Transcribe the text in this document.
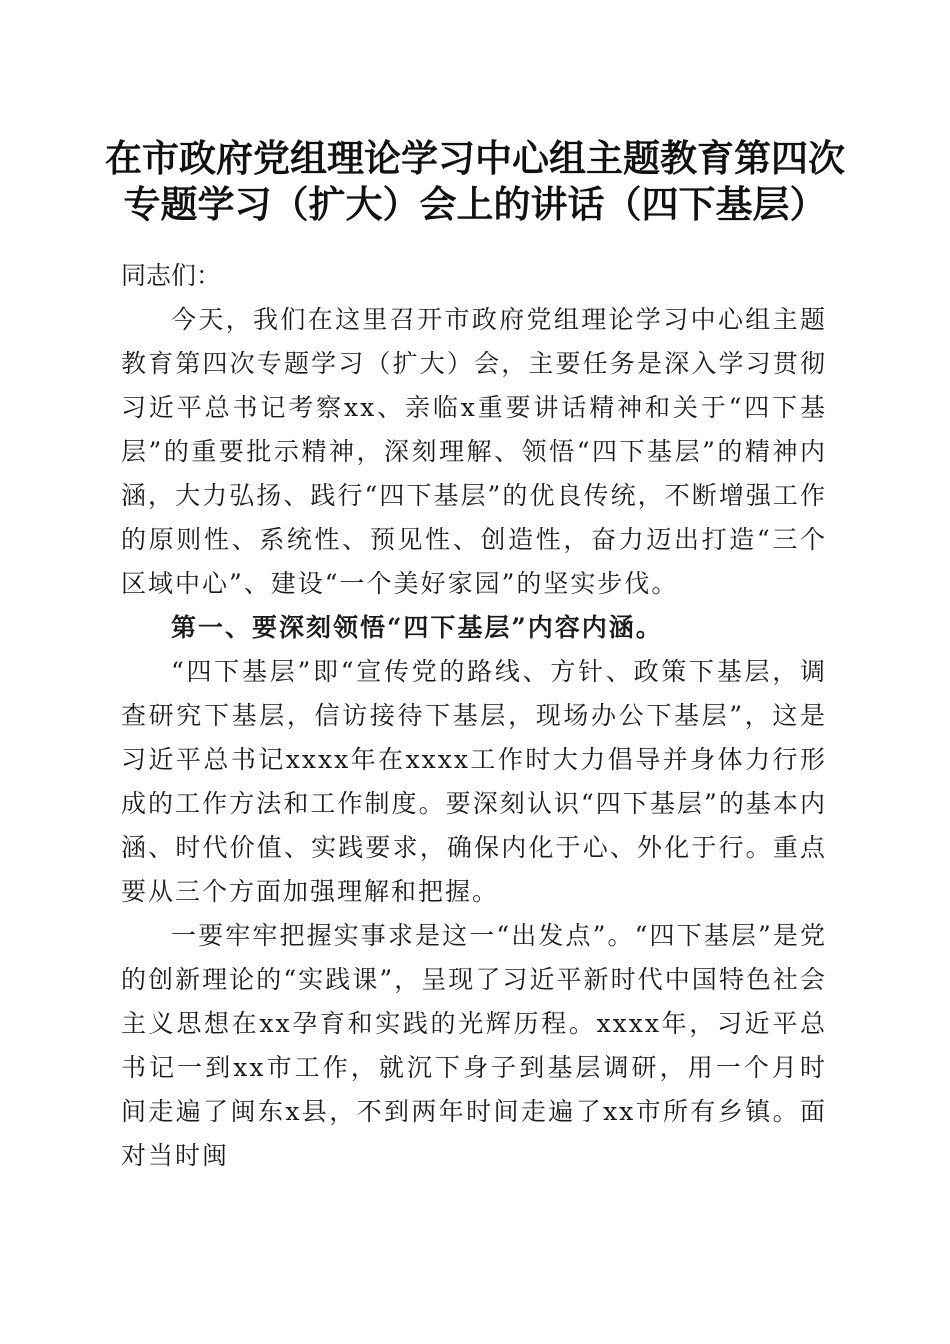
在市政府党组理论学习中心组主题教育第四次
专题学习（扩大）会上的讲话（四下基层）
同志们：

今天，我们在这里召开市政府党组理论学习中心组主题教育第四次专题学习（扩大）会，主要任务是深入学习贯彻习近平总书记考察xx、亲临x重要讲话精神和关于“四下基层”的重要批示精神，深刻理解、领悟“四下基层”的精神内涵，大力弘扬、践行“四下基层”的优良传统，不断增强工作的原则性、系统性、预见性、创造性，奋力迈出打造“三个区域中心”、建设“一个美好家园”的坚实步伐。

第一、要深刻领悟“四下基层”内容内涵。

“四下基层”即“宣传党的路线、方针、政策下基层，调查研究下基层，信访接待下基层，现场办公下基层”，这是习近平总书记xxxx年在xxxx工作时大力倡导并身体力行形成的工作方法和工作制度。要深刻认识“四下基层”的基本内涵、时代价值、实践要求，确保内化于心、外化于行。重点要从三个方面加强理解和把握。

一要牢牢把握实事求是这一“出发点”。“四下基层”是党的创新理论的“实践课”，呈现了习近平新时代中国特色社会主义思想在xx孕育和实践的光辉历程。xxxx年，习近平总书记一到xx市工作，就沉下身子到基层调研，用一个月时间走遍了闽东x县，不到两年时间走遍了xx市所有乡镇。面对当时闽
